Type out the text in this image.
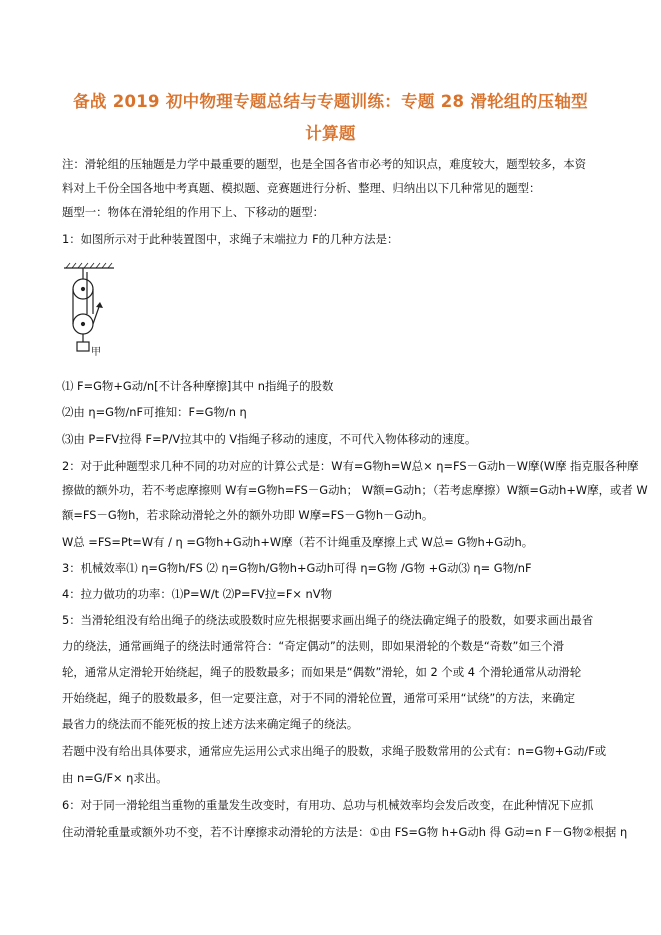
备战 2019 初中物理专题总结与专题训练：专题 28 滑轮组的压轴型
计算题
注：滑轮组的压轴题是力学中最重要的题型，也是全国各省市必考的知识点，难度较大，题型较多，本资
料对上千份全国各地中考真题、模拟题、竞赛题进行分析、整理、归纳出以下几种常见的题型：
题型一：物体在滑轮组的作用下上、下移动的题型：
1：如图所示对于此种装置图中，求绳子末端拉力 F的几种方法是：
甲
⑴ F=G物+G动/n[不计各种摩擦]其中 n指绳子的股数
⑵由 η=G物/nF可推知：F=G物/n η
⑶由 P=FV拉得 F=P/V拉其中的 V指绳子移动的速度，不可代入物体移动的速度。
2：对于此种题型求几种不同的功对应的计算公式是：W有=G物h=W总× η=FS－G动h－W摩(W摩 指克服各种摩
擦做的额外功，若不考虑摩擦则 W有=G物h=FS－G动h； W额=G动h；（若考虑摩擦）W额=G动h+W摩，或者 W
额=FS－G物h，若求除动滑轮之外的额外功即 W摩=FS－G物h－G动h。
W总 =FS=Pt=W有 / η =G物h+G动h+W摩（若不计绳重及摩擦上式 W总= G物h+G动h。
3：机械效率⑴ η=G物h/FS ⑵ η=G物h/G物h+G动h可得 η=G物 /G物 +G动⑶ η= G物/nF
4：拉力做功的功率：⑴P=W/t ⑵P=FV拉=F× nV物
5：当滑轮组没有给出绳子的绕法或股数时应先根据要求画出绳子的绕法确定绳子的股数，如要求画出最省
力的绕法，通常画绳子的绕法时通常符合：“奇定偶动”的法则，即如果滑轮的个数是“奇数”如三个滑
轮，通常从定滑轮开始绕起，绳子的股数最多；而如果是“偶数”滑轮，如 2 个或 4 个滑轮通常从动滑轮
开始绕起，绳子的股数最多，但一定要注意，对于不同的滑轮位置，通常可采用“试绕”的方法，来确定
最省力的绕法而不能死板的按上述方法来确定绳子的绕法。
若题中没有给出具体要求，通常应先运用公式求出绳子的股数，求绳子股数常用的公式有：n=G物+G动/F或
由 n=G/F× η求出。
6：对于同一滑轮组当重物的重量发生改变时，有用功、总功与机械效率均会发后改变，在此种情况下应抓
住动滑轮重量或额外功不变，若不计摩擦求动滑轮的方法是：①由 FS=G物 h+G动h 得 G动=n F－G物②根据 η
